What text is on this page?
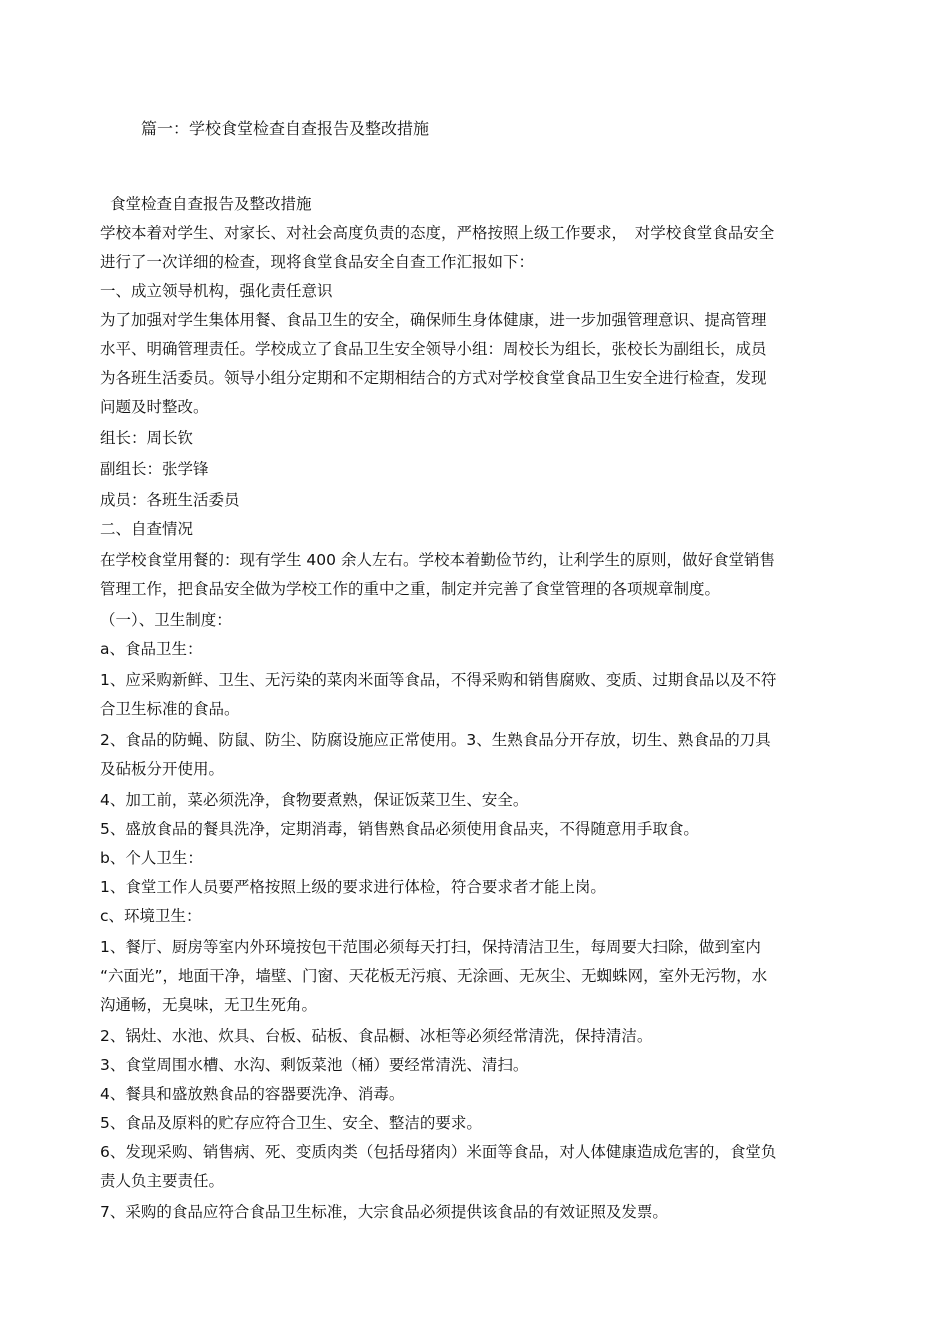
篇一：学校食堂检查自查报告及整改措施

食堂检查自查报告及整改措施

学校本着对学生、对家长、对社会高度负责的态度，严格按照上级工作要求，　对学校食堂食品安全

进行了一次详细的检查，现将食堂食品安全自查工作汇报如下：

一、成立领导机构，强化责任意识

为了加强对学生集体用餐、食品卫生的安全，确保师生身体健康，进一步加强管理意识、提高管理

水平、明确管理责任。学校成立了食品卫生安全领导小组：周校长为组长，张校长为副组长，成员

为各班生活委员。领导小组分定期和不定期相结合的方式对学校食堂食品卫生安全进行检查，发现

问题及时整改。

组长：周长钦

副组长：张学锋

成员：各班生活委员

二、自查情况

在学校食堂用餐的：现有学生 400 余人左右。学校本着勤俭节约，让利学生的原则，做好食堂销售

管理工作，把食品安全做为学校工作的重中之重，制定并完善了食堂管理的各项规章制度。

（一）、卫生制度：

a、食品卫生：

1、应采购新鲜、卫生、无污染的菜肉米面等食品，不得采购和销售腐败、变质、过期食品以及不符

合卫生标准的食品。

2、食品的防蝇、防鼠、防尘、防腐设施应正常使用。3、生熟食品分开存放，切生、熟食品的刀具

及砧板分开使用。

4、加工前，菜必须洗净，食物要煮熟，保证饭菜卫生、安全。

5、盛放食品的餐具洗净，定期消毒，销售熟食品必须使用食品夹，不得随意用手取食。

b、个人卫生：

1、食堂工作人员要严格按照上级的要求进行体检，符合要求者才能上岗。

c、环境卫生：

1、餐厅、厨房等室内外环境按包干范围必须每天打扫，保持清洁卫生，每周要大扫除，做到室内

“六面光”，地面干净，墙壁、门窗、天花板无污痕、无涂画、无灰尘、无蜘蛛网，室外无污物，水

沟通畅，无臭味，无卫生死角。

2、锅灶、水池、炊具、台板、砧板、食品橱、冰柜等必须经常清洗，保持清洁。

3、食堂周围水槽、水沟、剩饭菜池（桶）要经常清洗、清扫。

4、餐具和盛放熟食品的容器要洗净、消毒。

5、食品及原料的贮存应符合卫生、安全、整洁的要求。

6、发现采购、销售病、死、变质肉类（包括母猪肉）米面等食品，对人体健康造成危害的，食堂负

责人负主要责任。

7、采购的食品应符合食品卫生标准，大宗食品必须提供该食品的有效证照及发票。
